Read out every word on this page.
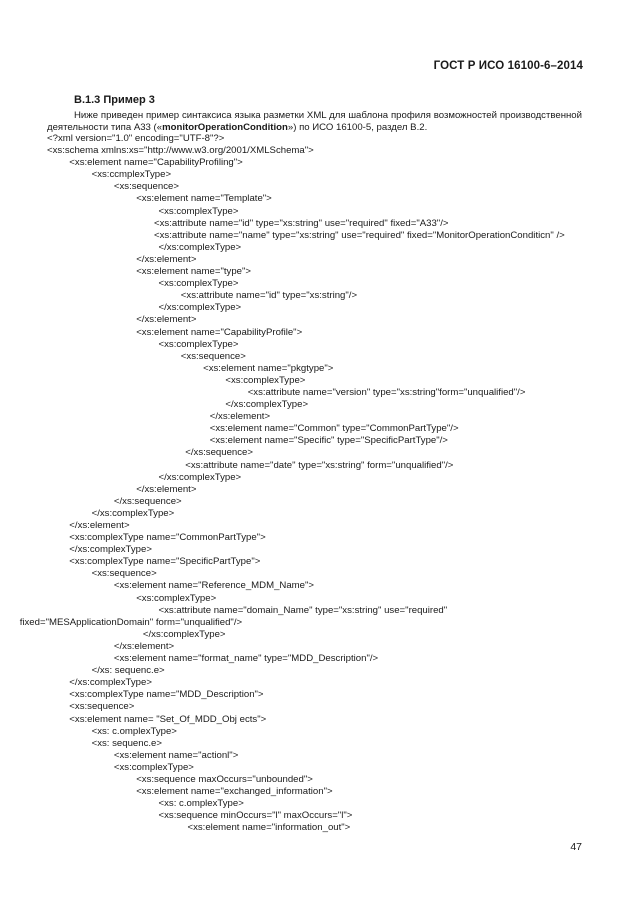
ГОСТ Р ИСО 16100-6–2014
В.1.3 Пример 3

Ниже приведен пример синтаксиса языка разметки XML для шаблона профиля возможностей производственной деятельности типа А33 («monitorOperationCondition») по ИСО 16100-5, раздел В.2.

<?xml version="1.0" encoding="UTF-8"?>
<xs:schema xmlns:xs="http://www.w3.org/2001/XMLSchema">
<xs:element name="CapabilityProfiling">
<xs:ccmplexType>
<xs:sequence>
<xs:element name="Template">
<xs:complexType>
<xs:attribute name="id" type="xs:string" use="required" fixed="A33"/>
<xs:attribute name="name" type="xs:string" use="required" fixed="MonitorOperationConditicn" />
</xs:complexType>
</xs:element>
<xs:element name="type">
<xs:complexType>
<xs:attribute name="id" type="xs:string"/>
</xs:complexType>
</xs:element>
<xs:element name="CapabilityProfile">
<xs:complexType>
<xs:sequence>
<xs:element name="pkgtype">
<xs:complexType>
<xs:attribute name="version" type="xs:string"form="unqualified"/>
</xs:complexType>
</xs:element>
<xs:element name="Common" type="CommonPartType"/>
<xs:element name="Specific" type="SpecificPartType"/>
</xs:sequence>
<xs:attribute name="date" type="xs:string" form="unqualified"/>
</xs:complexType>
</xs:element>
</xs:sequence>
</xs:complexType>
</xs:element>
<xs:complexType name="CommonPartType">
</xs:complexType>
<xs:complexType name="SpecificPartType">
<xs:sequence>
<xs:element name="Reference_MDM_Name">
<xs:complexType>
<xs:attribute name="domain_Name" type="xs:string" use="required"
fixed="MESApplicationDomain" form="unqualified"/>
</xs:complexType>
</xs:element>
<xs:element name="format_name" type="MDD_Description"/>
</xs: sequenc.e>
</xs:complexType>
<xs:complexType name="MDD_Description">
<xs:sequence>
<xs:element name= "Set_Of_MDD_Obj ects">
<xs: c.omplexType>
<xs: sequenc.e>
<xs:element name="actionl">
<xs:complexType>
<xs:sequence maxOccurs="unbounded">
<xs:element name="exchanged_information">
<xs: c.omplexType>
<xs:sequence minOccurs="l" maxOccurs="l">
<xs:element name="information_out">
47
